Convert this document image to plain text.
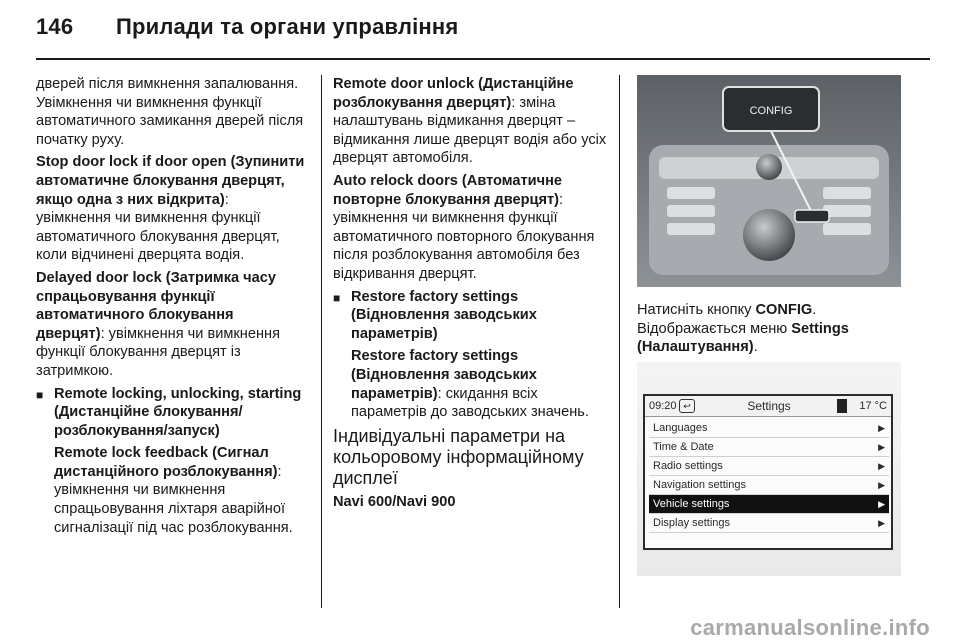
146	Прилади та органи управління

дверей після вимкнення запалювання. Увімкнення чи вимкнення функції автоматичного замикання дверей після початку руху.

Stop door lock if door open (Зупинити автоматичне блокування дверцят, якщо одна з них відкрита): увімкнення чи вимкнення функції автоматичного блокування дверцят, коли відчинені дверцята водія.

Delayed door lock (Затримка часу спрацьовування функції автоматичного блокування дверцят): увімкнення чи вимкнення функції блокування дверцят із затримкою.

■ Remote locking, unlocking, starting (Дистанційне блокування/ розблокування/запуск)

Remote lock feedback (Сигнал дистанційного розблокування): увімкнення чи вимкнення спрацьовування ліхтаря аварійної сигналізації під час розблокування.

Remote door unlock (Дистанційне розблокування дверцят): зміна налаштувань відмикання дверцят – відмикання лише дверцят водія або усіх дверцят автомобіля.

Auto relock doors (Автоматичне повторне блокування дверцят): увімкнення чи вимкнення функції автоматичного повторного блокування після розблокування автомобіля без відкривання дверцят.

■ Restore factory settings (Відновлення заводських параметрів)

Restore factory settings (Відновлення заводських параметрів): скидання всіх параметрів до заводських значень.

Індивідуальні параметри на кольоровому інформаційному дисплеї

Navi 600/Navi 900

CONFIG

Натисніть кнопку CONFIG.

Відображається меню Settings (Налаштування).

09:20 ↩	Settings	17 °C
Languages	▶
Time & Date	▶
Radio settings	▶
Navigation settings	▶
Vehicle settings	▶
Display settings	▶
carmanualsonline.info
